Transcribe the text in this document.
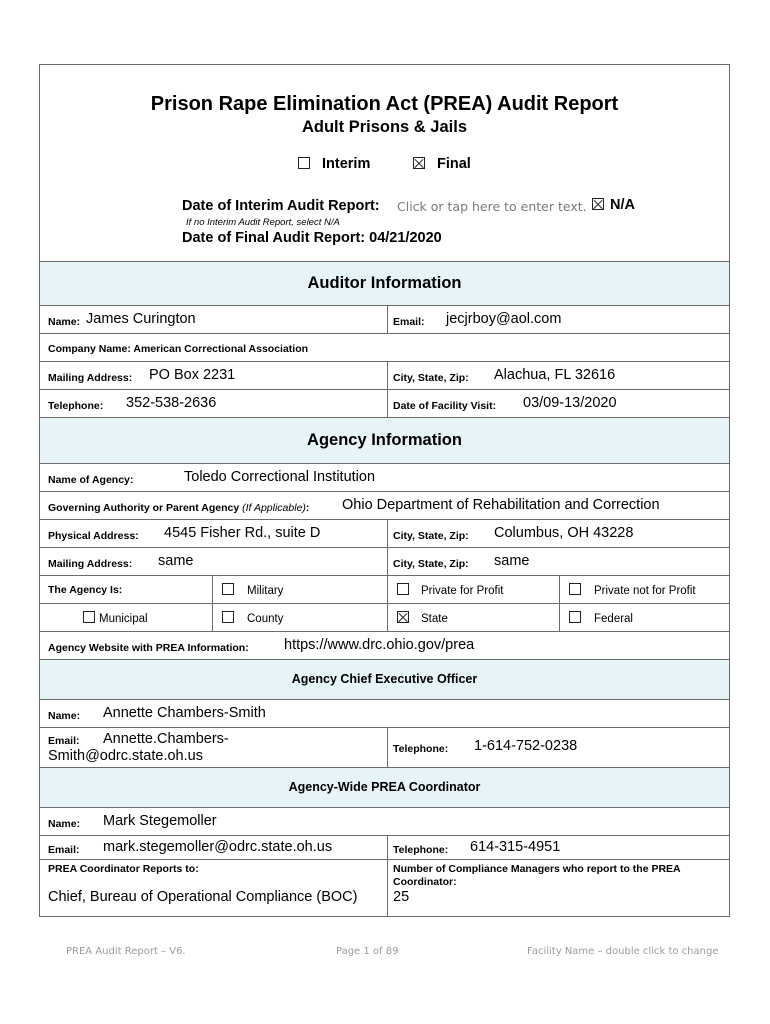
Prison Rape Elimination Act (PREA) Audit Report
Adult Prisons & Jails
Interim	Final
Date of Interim Audit Report: Click or tap here to enter text.	N/A
If no Interim Audit Report, select N/A
Date of Final Audit Report: 04/21/2020
Auditor Information
Name: James Curington	Email: jecjrboy@aol.com
Company Name: American Correctional Association
Mailing Address: PO Box 2231	City, State, Zip: Alachua, FL 32616
Telephone: 352-538-2636	Date of Facility Visit: 03/09-13/2020
Agency Information
Name of Agency:	Toledo Correctional Institution
Governing Authority or Parent Agency (If Applicable): Ohio Department of Rehabilitation and Correction
Physical Address: 4545 Fisher Rd., suite D	City, State, Zip: Columbus, OH 43228
Mailing Address: same	City, State, Zip: same
The Agency Is:	Military	Private for Profit	Private not for Profit
Municipal	County	State	Federal
Agency Website with PREA Information: https://www.drc.ohio.gov/prea
Agency Chief Executive Officer
Name: Annette Chambers-Smith
Email: Annette.Chambers-
Smith@odrc.state.oh.us	Telephone: 1-614-752-0238
Agency-Wide PREA Coordinator
Name: Mark Stegemoller
Email: mark.stegemoller@odrc.state.oh.us	Telephone: 614-315-4951
PREA Coordinator Reports to:
Chief, Bureau of Operational Compliance (BOC)
Number of Compliance Managers who report to the PREA
Coordinator:
25
PREA Audit Report – V6.	Page 1 of 89	Facility Name – double click to change
